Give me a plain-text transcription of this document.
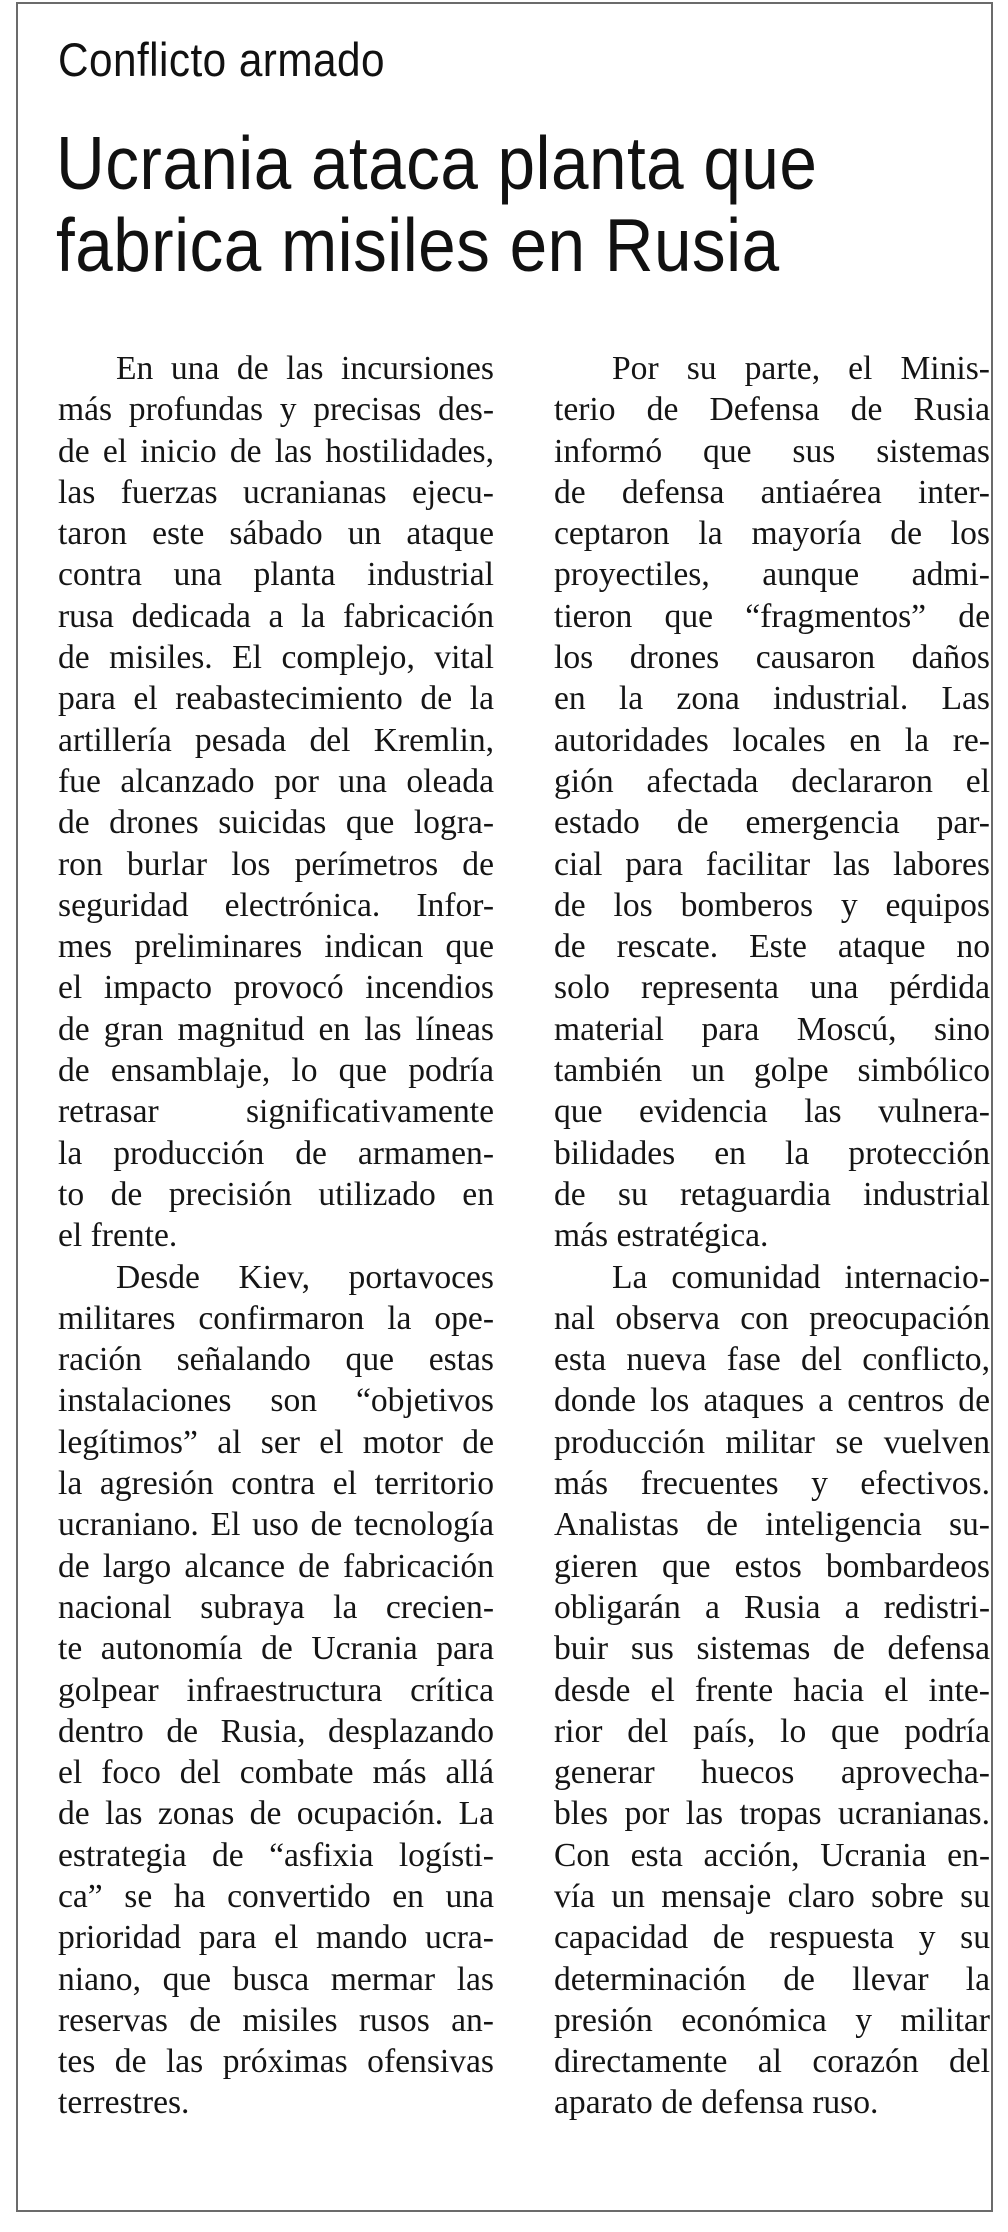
Conflicto armado
Ucrania ataca planta que
fabrica misiles en Rusia
En una de las incursiones
más profundas y precisas des-
de el inicio de las hostilidades,
las fuerzas ucranianas ejecu-
taron este sábado un ataque
contra una planta industrial
rusa dedicada a la fabricación
de misiles. El complejo, vital
para el reabastecimiento de la
artillería pesada del Kremlin,
fue alcanzado por una oleada
de drones suicidas que logra-
ron burlar los perímetros de
seguridad electrónica. Infor-
mes preliminares indican que
el impacto provocó incendios
de gran magnitud en las líneas
de ensamblaje, lo que podría
retrasar significativamente
la producción de armamen-
to de precisión utilizado en
el frente.
Desde Kiev, portavoces
militares confirmaron la ope-
ración señalando que estas
instalaciones son “objetivos
legítimos” al ser el motor de
la agresión contra el territorio
ucraniano. El uso de tecnología
de largo alcance de fabricación
nacional subraya la crecien-
te autonomía de Ucrania para
golpear infraestructura crítica
dentro de Rusia, desplazando
el foco del combate más allá
de las zonas de ocupación. La
estrategia de “asfixia logísti-
ca” se ha convertido en una
prioridad para el mando ucra-
niano, que busca mermar las
reservas de misiles rusos an-
tes de las próximas ofensivas
terrestres.
Por su parte, el Minis-
terio de Defensa de Rusia
informó que sus sistemas
de defensa antiaérea inter-
ceptaron la mayoría de los
proyectiles, aunque admi-
tieron que “fragmentos” de
los drones causaron daños
en la zona industrial. Las
autoridades locales en la re-
gión afectada declararon el
estado de emergencia par-
cial para facilitar las labores
de los bomberos y equipos
de rescate. Este ataque no
solo representa una pérdida
material para Moscú, sino
también un golpe simbólico
que evidencia las vulnera-
bilidades en la protección
de su retaguardia industrial
más estratégica.
La comunidad internacio-
nal observa con preocupación
esta nueva fase del conflicto,
donde los ataques a centros de
producción militar se vuelven
más frecuentes y efectivos.
Analistas de inteligencia su-
gieren que estos bombardeos
obligarán a Rusia a redistri-
buir sus sistemas de defensa
desde el frente hacia el inte-
rior del país, lo que podría
generar huecos aprovecha-
bles por las tropas ucranianas.
Con esta acción, Ucrania en-
vía un mensaje claro sobre su
capacidad de respuesta y su
determinación de llevar la
presión económica y militar
directamente al corazón del
aparato de defensa ruso.
